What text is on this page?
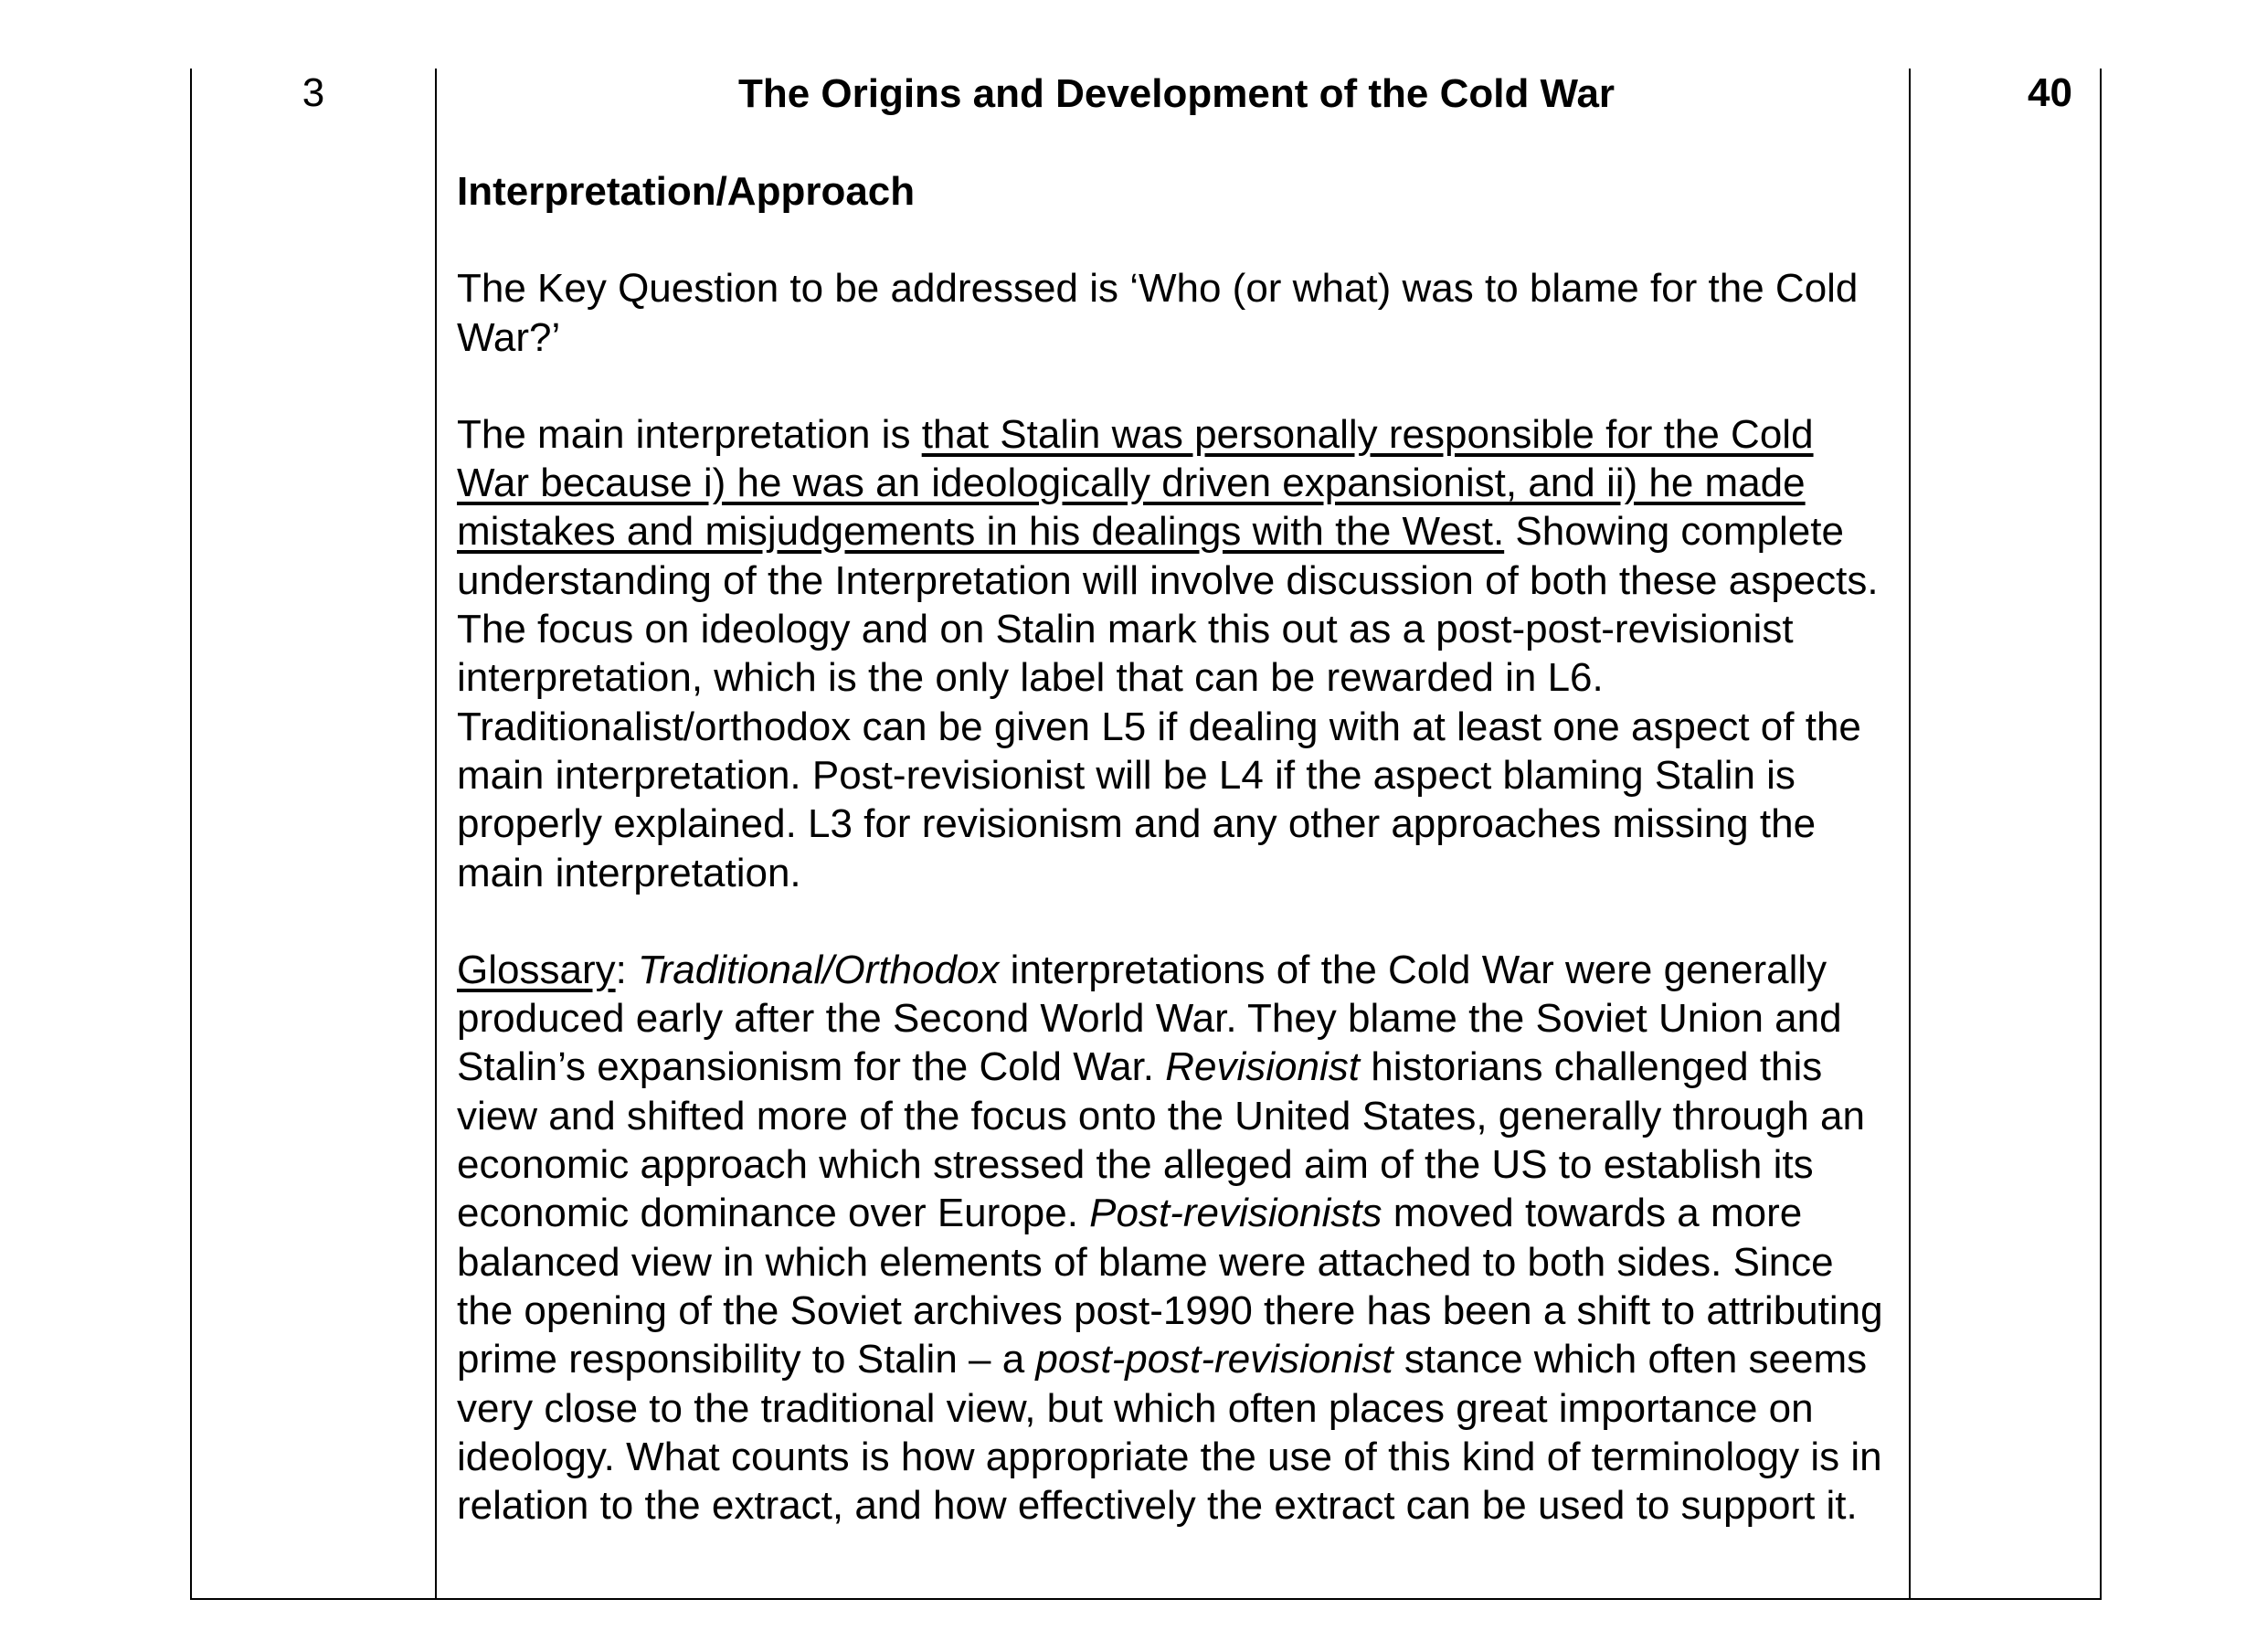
3	40

The Origins and Development of the Cold War

Interpretation/Approach

The Key Question to be addressed is ‘Who (or what) was to blame for the Cold War?’

The main interpretation is that Stalin was personally responsible for the Cold War because i) he was an ideologically driven expansionist, and ii) he made mistakes and misjudgements in his dealings with the West. Showing complete understanding of the Interpretation will involve discussion of both these aspects. The focus on ideology and on Stalin mark this out as a post-post-revisionist interpretation, which is the only label that can be rewarded in L6. Traditionalist/orthodox can be given L5 if dealing with at least one aspect of the main interpretation. Post-revisionist will be L4 if the aspect blaming Stalin is properly explained. L3 for revisionism and any other approaches missing the main interpretation.

Glossary: Traditional/Orthodox interpretations of the Cold War were generally produced early after the Second World War. They blame the Soviet Union and Stalin’s expansionism for the Cold War. Revisionist historians challenged this view and shifted more of the focus onto the United States, generally through an economic approach which stressed the alleged aim of the US to establish its economic dominance over Europe. Post-revisionists moved towards a more balanced view in which elements of blame were attached to both sides. Since the opening of the Soviet archives post-1990 there has been a shift to attributing prime responsibility to Stalin – a post-post-revisionist stance which often seems very close to the traditional view, but which often places great importance on ideology. What counts is how appropriate the use of this kind of terminology is in relation to the extract, and how effectively the extract can be used to support it.
